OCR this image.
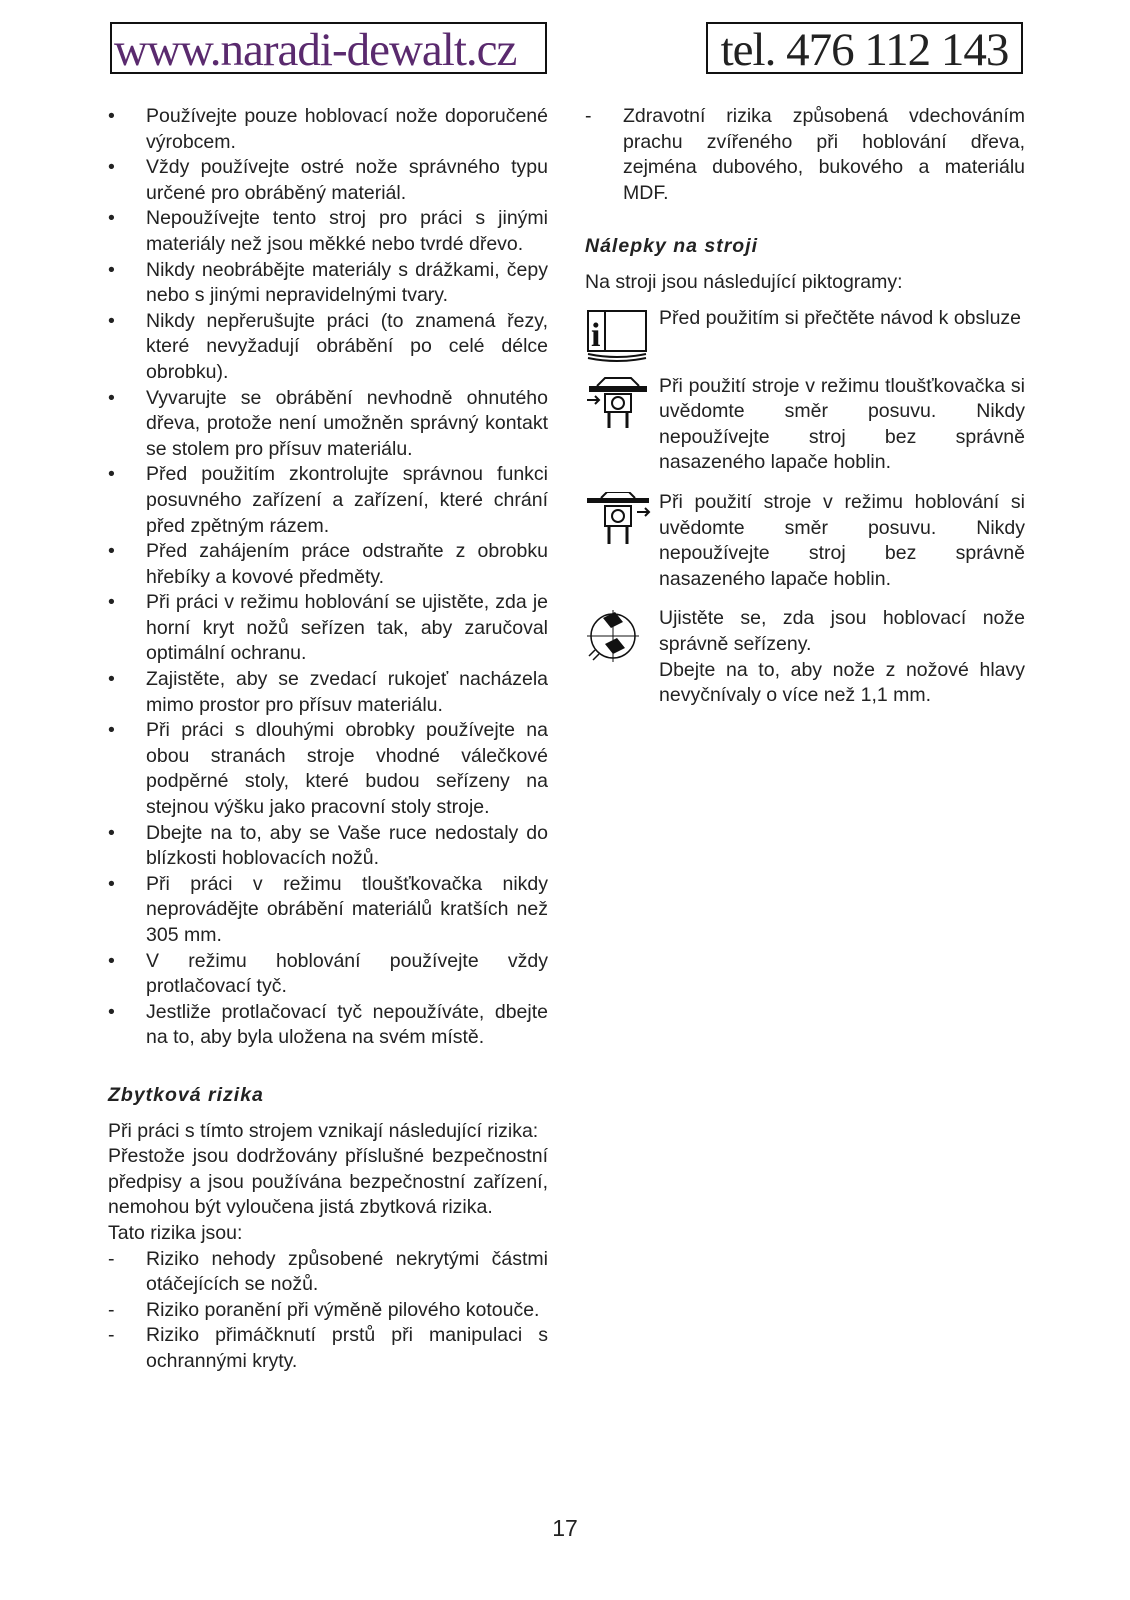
www.naradi-dewalt.cz	tel. 476 112 143
•	Používejte pouze hoblovací nože doporučené výrobcem.
•	Vždy používejte ostré nože správného typu určené pro obráběný materiál.
•	Nepoužívejte tento stroj pro práci s jinými materiály než jsou měkké nebo tvrdé dřevo.
•	Nikdy neobrábějte materiály s drážkami, čepy nebo s jinými nepravidelnými tvary.
•	Nikdy nepřerušujte práci (to znamená řezy, které nevyžadují obrábění po celé délce obrobku).
•	Vyvarujte se obrábění nevhodně ohnutého dřeva, protože není umožněn správný kontakt se stolem pro přísuv materiálu.
•	Před použitím zkontrolujte správnou funkci posuvného zařízení a zařízení, které chrání před zpětným rázem.
•	Před zahájením práce odstraňte z obrobku hřebíky a kovové předměty.
•	Při práci v režimu hoblování se ujistěte, zda je horní kryt nožů seřízen tak, aby zaručoval optimální ochranu.
•	Zajistěte, aby se zvedací rukojeť nacházela mimo prostor pro přísuv materiálu.
•	Při práci s dlouhými obrobky používejte na obou stranách stroje vhodné válečkové podpěrné stoly, které budou seřízeny na stejnou výšku jako pracovní stoly stroje.
•	Dbejte na to, aby se Vaše ruce nedostaly do blízkosti hoblovacích nožů.
•	Při práci v režimu tloušťkovačka nikdy neprovádějte obrábění materiálů kratších než 305 mm.
•	V režimu hoblování používejte vždy protlačovací tyč.
•	Jestliže protlačovací tyč nepoužíváte, dbejte na to, aby byla uložena na svém místě.
Zbytková rizika

Při práci s tímto strojem vznikají následující rizika:

Přestože jsou dodržovány příslušné bezpečnostní předpisy a jsou používána bezpečnostní zařízení, nemohou být vyloučena jistá zbytková rizika.

Tato rizika jsou:

-	Riziko nehody způsobené nekrytými částmi otáčejících se nožů.
-	Riziko poranění při výměně pilového kotouče.
-	Riziko přimáčknutí prstů při manipulaci s ochrannými kryty.
-	Zdravotní rizika způsobená vdechováním prachu zvířeného při hoblování dřeva, zejména dubového, bukového a materiálu MDF.
Nálepky na stroji

Na stroji jsou následující piktogramy:

i	Před použitím si přečtěte návod k obsluze
Při použití stroje v režimu tloušťkovačka si uvědomte směr posuvu. Nikdy nepoužívejte stroj bez správně nasazeného lapače hoblin.
Při použití stroje v režimu hoblování si uvědomte směr posuvu. Nikdy nepoužívejte stroj bez správně nasazeného lapače hoblin.
Ujistěte se, zda jsou hoblovací nože správně seřízeny.
Dbejte na to, aby nože z nožové hlavy nevyčnívaly o více než 1,1 mm.
17
